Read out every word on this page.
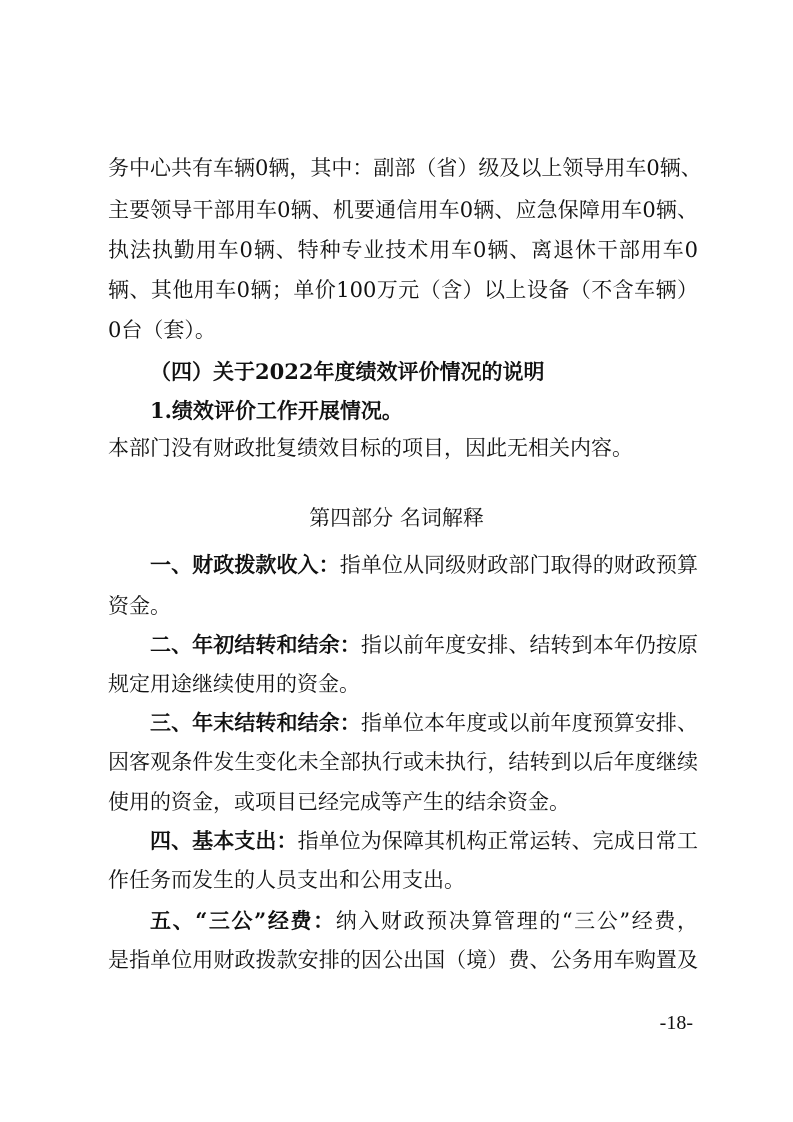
务中心共有车辆0辆，其中：副部（省）级及以上领导用车0辆、
主要领导干部用车0辆、机要通信用车0辆、应急保障用车0辆、
执法执勤用车0辆、特种专业技术用车0辆、离退休干部用车0
辆、其他用车0辆；单价100万元（含）以上设备（不含车辆）
0台（套）。
（四）关于2022年度绩效评价情况的说明
1.绩效评价工作开展情况。
本部门没有财政批复绩效目标的项目，因此无相关内容。
第四部分 名词解释
一、财政拨款收入：指单位从同级财政部门取得的财政预算
资金。
二、年初结转和结余：指以前年度安排、结转到本年仍按原
规定用途继续使用的资金。
三、年末结转和结余：指单位本年度或以前年度预算安排、
因客观条件发生变化未全部执行或未执行，结转到以后年度继续
使用的资金，或项目已经完成等产生的结余资金。
四、基本支出：指单位为保障其机构正常运转、完成日常工
作任务而发生的人员支出和公用支出。
五、“三公”经费：纳入财政预决算管理的“三公”经费，
是指单位用财政拨款安排的因公出国（境）费、公务用车购置及
-18-
